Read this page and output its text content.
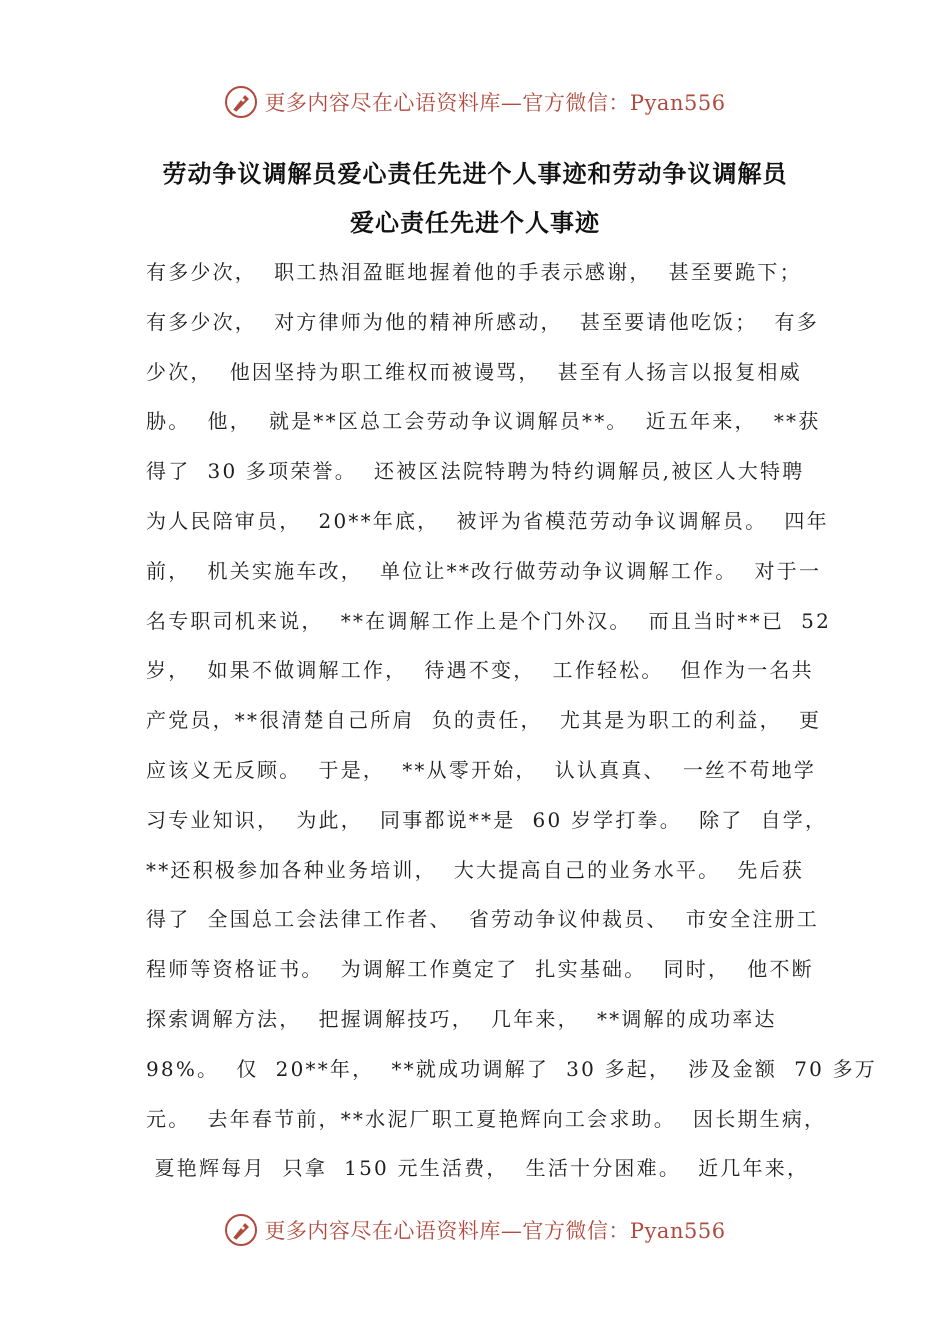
更多内容尽在心语资料库—官方微信：Pyan556
劳动争议调解员爱心责任先进个人事迹和劳动争议调解员
爱心责任先进个人事迹
有多少次，  职工热泪盈眶地握着他的手表示感谢，  甚至要跪下；
有多少次，  对方律师为他的精神所感动，  甚至要请他吃饭；  有多
少次，  他因坚持为职工维权而被谩骂，  甚至有人扬言以报复相威
胁。  他，  就是**区总工会劳动争议调解员**。  近五年来，  **获
得了  30 多项荣誉。  还被区法院特聘为特约调解员,被区人大特聘
为人民陪审员，  20**年底，  被评为省模范劳动争议调解员。  四年
前，  机关实施车改，  单位让**改行做劳动争议调解工作。  对于一
名专职司机来说，  **在调解工作上是个门外汉。  而且当时**已  52
岁，  如果不做调解工作，  待遇不变，  工作轻松。  但作为一名共
产党员，**很清楚自己所肩  负的责任，  尤其是为职工的利益，  更
应该义无反顾。  于是，  **从零开始，  认认真真、  一丝不苟地学
习专业知识，  为此，  同事都说**是  60 岁学打拳。  除了  自学，
**还积极参加各种业务培训，  大大提高自己的业务水平。  先后获
得了  全国总工会法律工作者、  省劳动争议仲裁员、  市安全注册工
程师等资格证书。  为调解工作奠定了  扎实基础。  同时，  他不断
探索调解方法，  把握调解技巧，  几年来，  **调解的成功率达
98%。  仅  20**年，  **就成功调解了  30 多起，  涉及金额  70 多万
元。  去年春节前，**水泥厂职工夏艳辉向工会求助。  因长期生病，
夏艳辉每月  只拿  150 元生活费，  生活十分困难。  近几年来，
更多内容尽在心语资料库—官方微信：Pyan556
